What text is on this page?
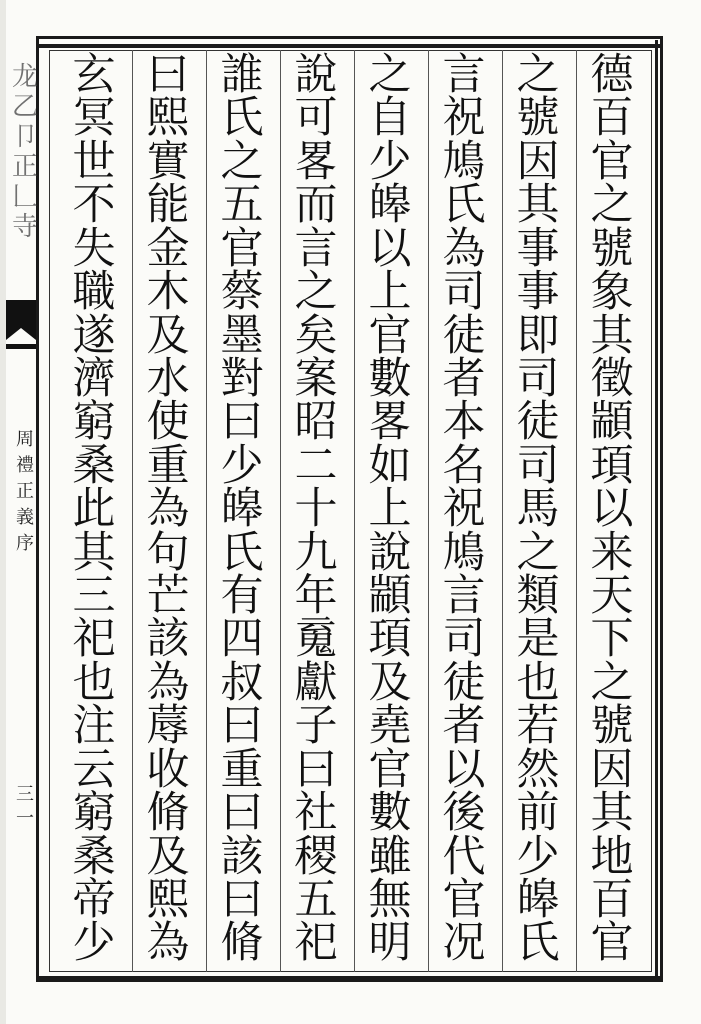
德
百
官
之
號
象
其
徵
顓
頊
以
来
天
下
之
號
因
其
地
百
官
之
號
因
其
事
事
即
司
徒
司
馬
之
類
是
也
若
然
前
少
皞
氏
言
祝
鳩
氏
為
司
徒
者
本
名
祝
鳩
言
司
徒
者
以
後
代
官
况
之
自
少
皞
以
上
官
數
畧
如
上
說
顓
頊
及
堯
官
數
雖
無
明
說
可
畧
而
言
之
矣
案
昭
二
十
九
年
䰟
獻
子
曰
社
稷
五
祀
誰
氏
之
五
官
蔡
墨
對
曰
少
皞
氏
有
四
叔
曰
重
曰
該
曰
脩
曰
熙
實
能
金
木
及
水
使
重
為
句
芒
該
為
蓐
收
脩
及
熙
為
玄
冥
世
不
失
職
遂
濟
窮
桑
此
其
三
祀
也
注
云
窮
桑
帝
少
龙
乙
卩
正
𠃊
寺
周
禮
正
義
序
三
一
